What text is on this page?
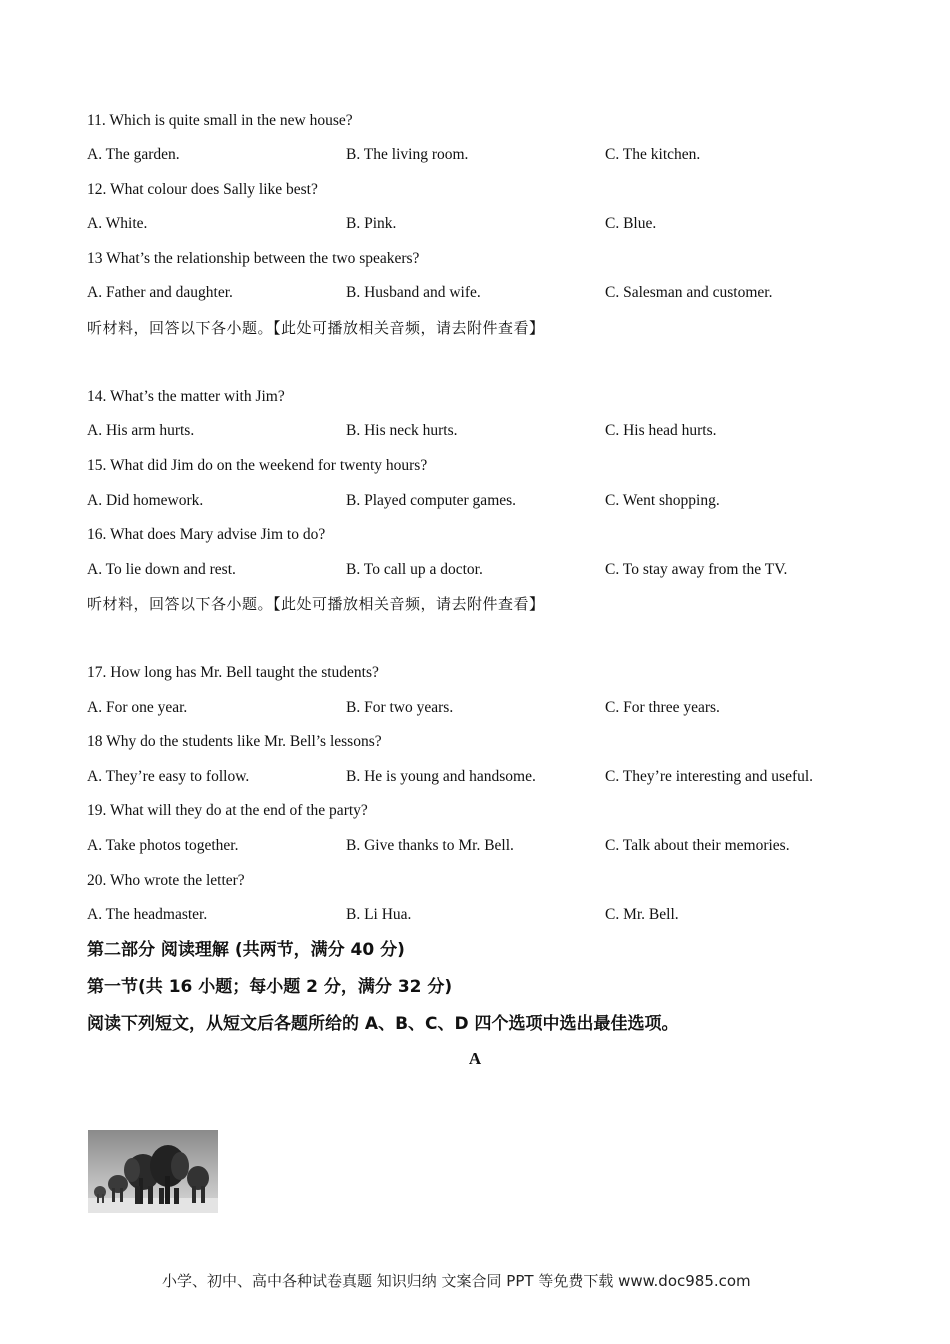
11. Which is quite small in the new house?
A. The garden.	B. The living room.	C. The kitchen.
12. What colour does Sally like best?
A. White.	B. Pink.	C. Blue.
13 What’s the relationship between the two speakers?
A. Father and daughter.	B. Husband and wife.	C. Salesman and customer.
听材料，回答以下各小题。【此处可播放相关音频，请去附件查看】
14. What’s the matter with Jim?
A. His arm hurts.	B. His neck hurts.	C. His head hurts.
15. What did Jim do on the weekend for twenty hours?
A. Did homework.	B. Played computer games.	C. Went shopping.
16. What does Mary advise Jim to do?
A. To lie down and rest.	B. To call up a doctor.	C. To stay away from the TV.
听材料，回答以下各小题。【此处可播放相关音频，请去附件查看】
17. How long has Mr. Bell taught the students?
A. For one year.	B. For two years.	C. For three years.
18 Why do the students like Mr. Bell’s lessons?
A. They’re easy to follow.	B. He is young and handsome.	C. They’re interesting and useful.
19. What will they do at the end of the party?
A. Take photos together.	B. Give thanks to Mr. Bell.	C. Talk about their memories.
20. Who wrote the letter?
A. The headmaster.	B. Li Hua.	C. Mr. Bell.
第二部分 阅读理解 (共两节，满分 40 分)
第一节(共 16 小题；每小题 2 分，满分 32 分)
阅读下列短文，从短文后各题所给的 A、B、C、D 四个选项中选出最佳选项。
A
小学、初中、高中各种试卷真题 知识归纳 文案合同 PPT 等免费下载 www.doc985.com
